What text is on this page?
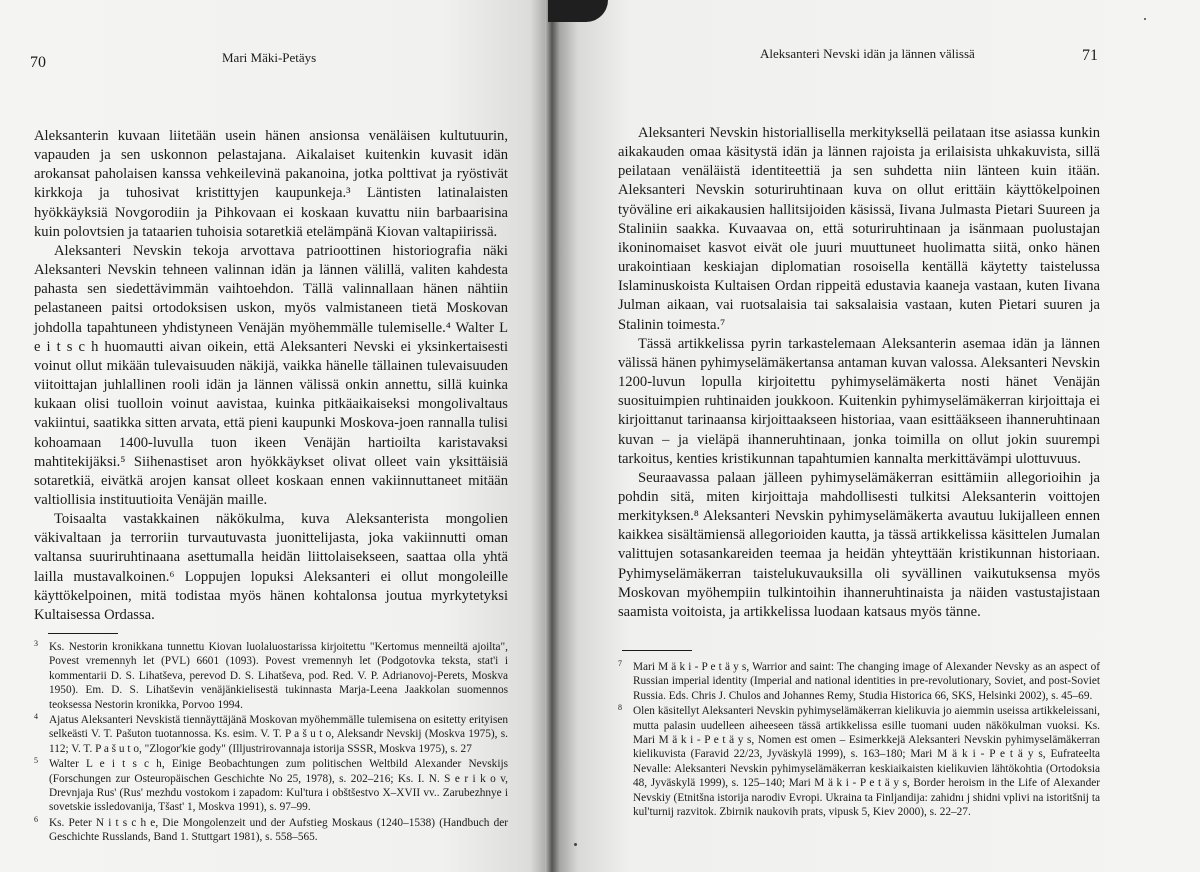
70	Mari Mäki-Petäys

Aleksanterin kuvaan liitetään usein hänen ansionsa venäläisen kultutuurin, vapauden ja sen uskonnon pelastajana. Aikalaiset kuitenkin kuvasit idän arokansat paholaisen kanssa vehkeilevinä pakanoina, jotka polttivat ja ryöstivät kirkkoja ja tuhosivat kristittyjen kaupunkeja.³ Läntisten latinalaisten hyökkäyksiä Novgorodiin ja Pihkovaan ei koskaan kuvattu niin barbaarisina kuin polovtsien ja tataarien tuhoisia sotaretkiä etelämpänä Kiovan valtapiirissä.

Aleksanteri Nevskin tekoja arvottava patrioottinen historiografia näki Aleksanteri Nevskin tehneen valinnan idän ja lännen välillä, valiten kahdesta pahasta sen siedettävimmän vaihtoehdon. Tällä valinnallaan hänen nähtiin pelastaneen paitsi ortodoksisen uskon, myös valmistaneen tietä Moskovan johdolla tapahtuneen yhdistyneen Venäjän myöhemmälle tulemiselle.⁴ Walter L e i t s c h huomautti aivan oikein, että Aleksanteri Nevski ei yksinkertaisesti voinut ollut mikään tulevaisuuden näkijä, vaikka hänelle tällainen tulevaisuuden viitoittajan juhlallinen rooli idän ja lännen välissä onkin annettu, sillä kuinka kukaan olisi tuolloin voinut aavistaa, kuinka pitkäaikaiseksi mongolivaltaus vakiintui, saatikka sitten arvata, että pieni kaupunki Moskova-joen rannalla tulisi kohoamaan 1400-luvulla tuon ikeen Venäjän hartioilta karistavaksi mahtitekijäksi.⁵ Siihenastiset aron hyökkäykset olivat olleet vain yksittäisiä sotaretkiä, eivätkä arojen kansat olleet koskaan ennen vakiinnuttaneet mitään valtiollisia instituutioita Venäjän maille.

Toisaalta vastakkainen näkökulma, kuva Aleksanterista mongolien väkivaltaan ja terroriin turvautuvasta juonittelijasta, joka vakiinnutti oman valtansa suuriruhtinaana asettumalla heidän liittolaisekseen, saattaa olla yhtä lailla mustavalkoinen.⁶ Loppujen lopuksi Aleksanteri ei ollut mongoleille käyttökelpoinen, mitä todistaa myös hänen kohtalonsa joutua myrkytetyksi Kultaisessa Ordassa.

3 Ks. Nestorin kronikkana tunnettu Kiovan luolaluostarissa kirjoitettu "Kertomus menneiltä ajoilta", Povest vremennyh let (PVL) 6601 (1093). Povest vremennyh let (Podgotovka teksta, stat'i i kommentarii D. S. Lihatševa, perevod D. S. Lihatševa, pod. Red. V. P. Adrianovoj-Perets, Moskva 1950). Em. D. S. Lihatševin venäjänkielisestä tukinnasta Marja-Leena Jaakkolan suomennos teoksessa Nestorin kronikka, Porvoo 1994.
4 Ajatus Aleksanteri Nevskistä tiennäyttäjänä Moskovan myöhemmälle tulemisena on esitetty erityisen selkeästi V. T. Pašuton tuotannossa. Ks. esim. V. T. P a š u t o, Aleksandr Nevskij (Moskva 1975), s. 112; V. T. P a š u t o, "Zlogor'kie gody" (Illjustrirovannaja istorija SSSR, Moskva 1975), s. 27
5 Walter L e i t s c h, Einige Beobachtungen zum politischen Weltbild Alexander Nevskijs (Forschungen zur Osteuropäischen Geschichte No 25, 1978), s. 202–216; Ks. I. N. S e r i k o v, Drevnjaja Rus' (Rus' mezhdu vostokom i zapadom: Kul'tura i obštšestvo X–XVII vv.. Zarubezhnye i sovetskie issledovanija, Tšast' 1, Moskva 1991), s. 97–99.
6 Ks. Peter N i t s c h e, Die Mongolenzeit und der Aufstieg Moskaus (1240–1538) (Handbuch der Geschichte Russlands, Band 1. Stuttgart 1981), s. 558–565.
Aleksanteri Nevski idän ja lännen välissä	71

Aleksanteri Nevskin historiallisella merkityksellä peilataan itse asiassa kunkin aikakauden omaa käsitystä idän ja lännen rajoista ja erilaisista uhkakuvista, sillä peilataan venäläistä identiteettiä ja sen suhdetta niin länteen kuin itään. Aleksanteri Nevskin soturiruhtinaan kuva on ollut erittäin käyttökelpoinen työväline eri aikakausien hallitsijoiden käsissä, Iivana Julmasta Pietari Suureen ja Staliniin saakka. Kuvaavaa on, että soturiruhtinaan ja isänmaan puolustajan ikoninomaiset kasvot eivät ole juuri muuttuneet huolimatta siitä, onko hänen urakointiaan keskiajan diplomatian rosoisella kentällä käytetty taistelussa Islaminuskoista Kultaisen Ordan rippeitä edustavia kaaneja vastaan, kuten Iivana Julman aikaan, vai ruotsalaisia tai saksalaisia vastaan, kuten Pietari suuren ja Stalinin toimesta.⁷

Tässä artikkelissa pyrin tarkastelemaan Aleksanterin asemaa idän ja lännen välissä hänen pyhimyselämäkertansa antaman kuvan valossa. Aleksanteri Nevskin 1200-luvun lopulla kirjoitettu pyhimyselämäkerta nosti hänet Venäjän suosituimpien ruhtinaiden joukkoon. Kuitenkin pyhimyselämäkerran kirjoittaja ei kirjoittanut tarinaansa kirjoittaakseen historiaa, vaan esittääkseen ihanneruhtinaan kuvan – ja vieläpä ihanneruhtinaan, jonka toimilla on ollut jokin suurempi tarkoitus, kenties kristikunnan tapahtumien kannalta merkittävämpi ulottuvuus.

Seuraavassa palaan jälleen pyhimyselämäkerran esittämiin allegorioihin ja pohdin sitä, miten kirjoittaja mahdollisesti tulkitsi Aleksanterin voittojen merkityksen.⁸ Aleksanteri Nevskin pyhimyselämäkerta avautuu lukijalleen ennen kaikkea sisältämiensä allegorioiden kautta, ja tässä artikkelissa käsittelen Jumalan valittujen sotasankareiden teemaa ja heidän yhteyttään kristikunnan historiaan. Pyhimyselämäkerran taistelukuvauksilla oli syvällinen vaikutuksensa myös Moskovan myöhempiin tulkintoihin ihanneruhtinaista ja näiden vastustajistaan saamista voitoista, ja artikkelissa luodaan katsaus myös tänne.

7 Mari M ä k i - P e t ä y s, Warrior and saint: The changing image of Alexander Nevsky as an aspect of Russian imperial identity (Imperial and national identities in pre-revolutionary, Soviet, and post-Soviet Russia. Eds. Chris J. Chulos and Johannes Remy, Studia Historica 66, SKS, Helsinki 2002), s. 45–69.
8 Olen käsitellyt Aleksanteri Nevskin pyhimyselämäkerran kielikuvia jo aiemmin useissa artikkeleissani, mutta palasin uudelleen aiheeseen tässä artikkelissa esille tuomani uuden näkökulman vuoksi. Ks. Mari M ä k i - P e t ä y s, Nomen est omen – Esimerkkejä Aleksanteri Nevskin pyhimyselämäkerran kielikuvista (Faravid 22/23, Jyväskylä 1999), s. 163–180; Mari M ä k i - P e t ä y s, Eufrateelta Nevalle: Aleksanteri Nevskin pyhimyselämäkerran keskiaikaisten kielikuvien lähtökohtia (Ortodoksia 48, Jyväskylä 1999), s. 125–140; Mari M ä k i - P e t ä y s, Border heroism in the Life of Alexander Nevskiy (Etnitšna istorija narodiv Evropi. Ukraina ta Finljandija: zahidnı j shidni vplivi na istoritšnij ta kul'turnij razvitok. Zbirnik naukovih prats, vipusk 5, Kiev 2000), s. 22–27.
